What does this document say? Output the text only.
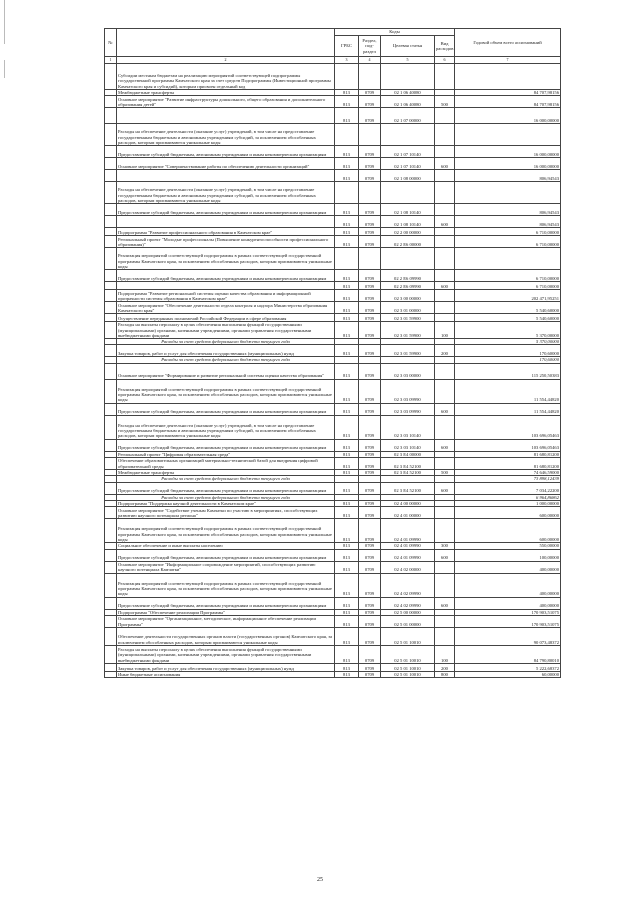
№		Коды				Годовой объем всего ассигнований
		ГРБС	Раздел, под-раздел	Целевая статья	Вид расходов	
1	2	3	4	5	6	7
	Субсидии местным бюджетам на реализацию мероприятий соответствующей подпрограммы государственной программы Камчатского края за счет средств Подпрограммы (Инвестиционной программы Камчатского края и субсидий), которым присвоен отдельный код					
	Межбюджетные трансферты	813	0709	02 1 06 40080		84 707,98156
	Основное мероприятие "Развитие инфраструктуры дошкольного, общего образования и дополнительного образования детей"	813	0709	02 1 06 40080	500	84 707,98156
		813	0709	02 1 07 00000		16 000,00000
	Расходы на обеспечение деятельности (оказание услуг) учреждений, в том числе на предоставление государственным бюджетным и автономным учреждениям субсидий, за исключением обособленных расходов, которым присваиваются уникальные коды					
	Предоставление субсидий бюджетным, автономным учреждениям и иным некоммерческим организациям	813	0709	02 1 07 10140		16 000,00000
	Основное мероприятие "Совершенствование работы по обеспечению деятельности организаций"	813	0709	02 1 07 10140	600	16 000,00000
		813	0709	02 1 08 00000		806,94543
	Расходы на обеспечение деятельности (оказание услуг) учреждений, в том числе на предоставление государственным бюджетным и автономным учреждениям субсидий, за исключением обособленных расходов, которым присваиваются уникальные коды					
	Предоставление субсидий бюджетным, автономным учреждениям и иным некоммерческим организациям	813	0709	02 1 08 10140		806,94543
		813	0709	02 1 08 10140	600	806,94543
	Подпрограмма "Развитие профессионального образования в Камчатском крае"	813	0709	02 2 00 00000		6 710,00000
	Региональный проект "Молодые профессионалы (Повышение конкурентоспособности профессионального образования)"	813	0709	02 2 E6 00000		6 710,00000
	Реализация мероприятий соответствующей подпрограммы в рамках соответствующей государственной программы Камчатского края, за исключением обособленных расходов, которым присваиваются уникальные коды					
	Предоставление субсидий бюджетным, автономным учреждениям и иным некоммерческим организациям	813	0709	02 2 E6 09990		6 710,00000
		813	0709	02 2 E6 09990	600	6 710,00000
	Подпрограмма "Развитие региональной системы оценки качества образования и информационной прозрачности системы образования в Камчатском крае"	813	0709	02 3 00 00000		202 471,95251
	Основное мероприятие "Обеспечение деятельности отдела контроля и надзора Министерства образования Камчатского края"	813	0709	02 3 01 00000		5 540,60000
	Осуществление переданных полномочий Российской Федерации в сфере образования	813	0709	02 3 01 59900		5 540,60000
	Расходы на выплаты персоналу в целях обеспечения выполнения функций государственными (муниципальными) органами, казенными учреждениями, органами управления государственными внебюджетными фондами	813	0709	02 3 01 59900	100	5 370,00000
	Расходы за счет средств федерального бюджета текущего года					5 370,00000
	Закупка товаров, работ и услуг для обеспечения государственных (муниципальных) нужд	813	0709	02 3 01 59900	200	170,60000
	Расходы за счет средств федерального бюджета текущего года					170,60000
	Основное мероприятие "Формирование и развитие региональной системы оценки качества образования"	813	0709	02 3 03 00000		115 250,50383
	Реализация мероприятий соответствующей подпрограммы в рамках соответствующей государственной программы Камчатского края, за исключением обособленных расходов, которым присваиваются уникальные коды	813	0709	02 3 03 09990		11 554,44820
	Предоставление субсидий бюджетным, автономным учреждениям и иным некоммерческим организациям	813	0709	02 3 03 09990	600	11 554,44820
	Расходы на обеспечение деятельности (оказание услуг) учреждений, в том числе на предоставление государственным бюджетным и автономным учреждениям субсидий, за исключением обособленных расходов, которым присваиваются уникальные коды	813	0709	02 3 03 10140		103 696,05463
	Предоставление субсидий бюджетным, автономным учреждениям и иным некоммерческим организациям	813	0709	02 3 03 10140	600	103 696,05463
	Региональный проект "Цифровая образовательная среда"	813	0709	02 3 E4 00000		81 680,81200
	Обеспечение образовательных организаций материально-технической базой для внедрения цифровой образовательной среды	813	0709	02 3 E4 52100		81 680,81200
	Межбюджетные трансферты	813	0709	02 3 E4 52100	500	74 646,59000
	Расходы за счет средств федерального бюджета текущего года					73 898,12439
	Предоставление субсидий бюджетным, автономным учреждениям и иным некоммерческим организациям	813	0709	02 3 E4 52100	600	7 034,22200
	Расходы за счет средств федерального бюджета текущего года					6 964,86862
	Подпрограмма "Поддержка научной деятельности в Камчатском крае"	813	0709	02 4 00 00000		1 000,00000
	Основное мероприятие "Содействие ученым Камчатки по участию в мероприятиях, способствующих развитию научного потенциала региона"	813	0709	02 4 01 00000		600,00000
	Реализация мероприятий соответствующей подпрограммы в рамках соответствующей государственной программы Камчатского края, за исключением обособленных расходов, которым присваиваются уникальные коды	813	0709	02 4 01 09990		600,00000
	Социальное обеспечение и иные выплаты населению	813	0709	02 4 01 09990	300	550,00000
	Предоставление субсидий бюджетным, автономным учреждениям и иным некоммерческим организациям	813	0709	02 4 01 09990	600	100,00000
	Основное мероприятие "Информационное сопровождение мероприятий, способствующих развитию научного потенциала Камчатки"	813	0709	02 4 02 00000		400,00000
	Реализация мероприятий соответствующей подпрограммы в рамках соответствующей государственной программы Камчатского края, за исключением обособленных расходов, которым присваиваются уникальные коды	813	0709	02 4 02 09990		400,00000
	Предоставление субсидий бюджетным, автономным учреждениям и иным некоммерческим организациям	813	0709	02 4 02 09990	600	400,00000
	Подпрограмма "Обеспечение реализации Программы"	813	0709	02 5 00 00000		170 903,51075
	Основное мероприятие "Организационное, методическое, информационное обеспечение реализации Программы"	813	0709	02 5 01 00000		170 903,51075
	Обеспечение деятельности государственных органов власти (государственных органов) Камчатского края, за исключением обособленных расходов, которым присваиваются уникальные коды	813	0709	02 5 01 10010		90 073,48372
	Расходы на выплаты персоналу в целях обеспечения выполнения функций государственными (муниципальными) органами, казенными учреждениями, органами управления государственными внебюджетными фондами	813	0709	02 5 01 10010	100	84 790,80010
	Закупка товаров, работ и услуг для обеспечения государственных (муниципальных) нужд	813	0709	02 5 01 10010	200	5 222,68372
	Иные бюджетные ассигнования	813	0709	02 5 01 10010	800	60,00000
25
